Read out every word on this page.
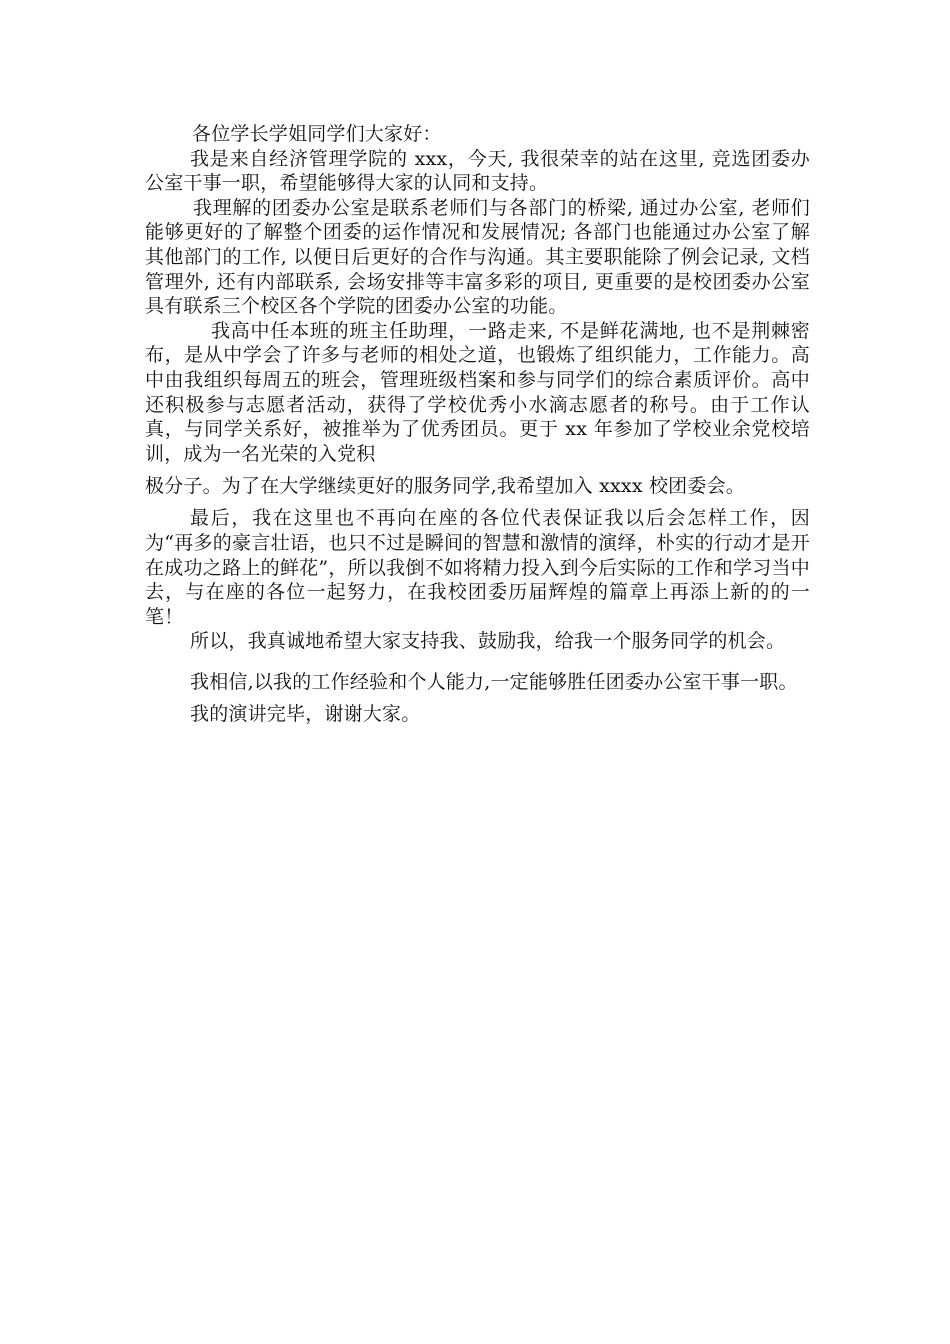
各位学长学姐同学们大家好：

我是来自经济管理学院的 xxx，今天, 我很荣幸的站在这里, 竞选团委办公室干事一职，希望能够得大家的认同和支持。

我理解的团委办公室是联系老师们与各部门的桥梁, 通过办公室, 老师们能够更好的了解整个团委的运作情况和发展情况; 各部门也能通过办公室了解其他部门的工作, 以便日后更好的合作与沟通。其主要职能除了例会记录, 文档管理外, 还有内部联系, 会场安排等丰富多彩的项目, 更重要的是校团委办公室具有联系三个校区各个学院的团委办公室的功能。

我高中任本班的班主任助理，一路走来, 不是鲜花满地, 也不是荆棘密布，是从中学会了许多与老师的相处之道，也锻炼了组织能力，工作能力。高中由我组织每周五的班会，管理班级档案和参与同学们的综合素质评价。高中还积极参与志愿者活动，获得了学校优秀小水滴志愿者的称号。由于工作认真，与同学关系好，被推举为了优秀团员。更于 xx 年参加了学校业余党校培训，成为一名光荣的入党积

极分子。为了在大学继续更好的服务同学,我希望加入 xxxx 校团委会。

最后，我在这里也不再向在座的各位代表保证我以后会怎样工作，因为“再多的豪言壮语，也只不过是瞬间的智慧和激情的演绎，朴实的行动才是开在成功之路上的鲜花”，所以我倒不如将精力投入到今后实际的工作和学习当中去，与在座的各位一起努力，在我校团委历届辉煌的篇章上再添上新的的一笔！

所以，我真诚地希望大家支持我、鼓励我，给我一个服务同学的机会。

我相信,以我的工作经验和个人能力,一定能够胜任团委办公室干事一职。

我的演讲完毕，谢谢大家。
